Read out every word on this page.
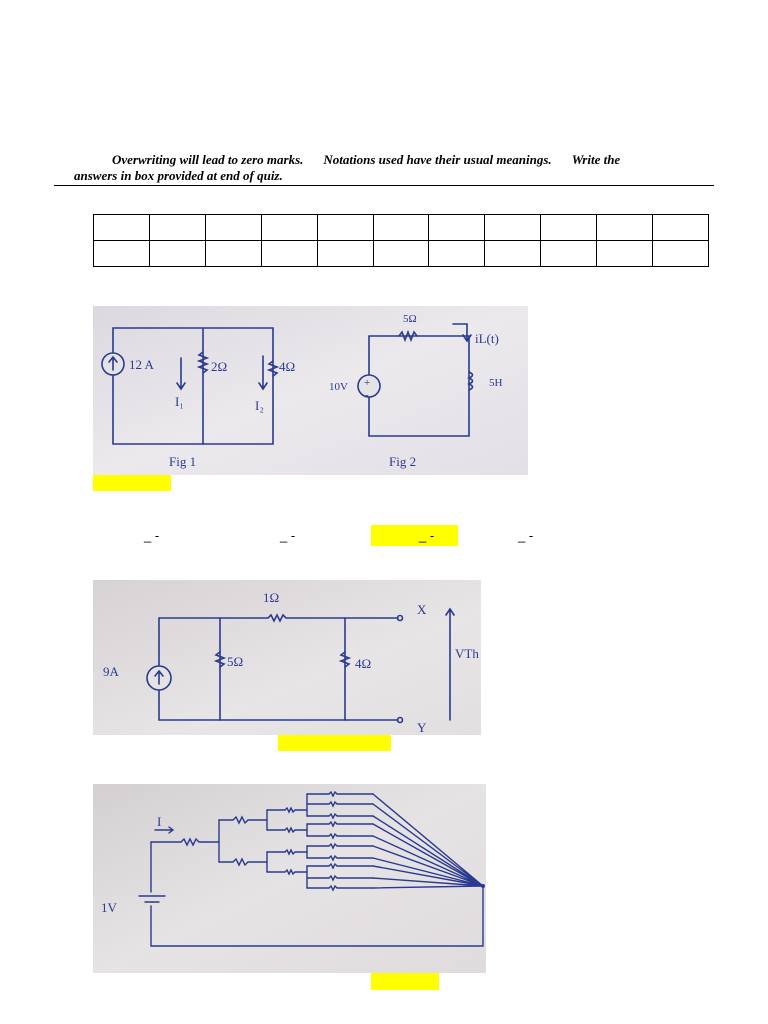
Overwriting will lead to zero marks. Notations used have their usual meanings. Write the
answers in box provided at end of quiz.

12 A	2Ω	4Ω
I₁	I₂
Fig 1
5Ω
iL(t)
5H
10V
Fig 2
+
-
_ -	_ -	_ -	_ -
1Ω
5Ω	4Ω
9A
X
Y
VTh
I
1V
